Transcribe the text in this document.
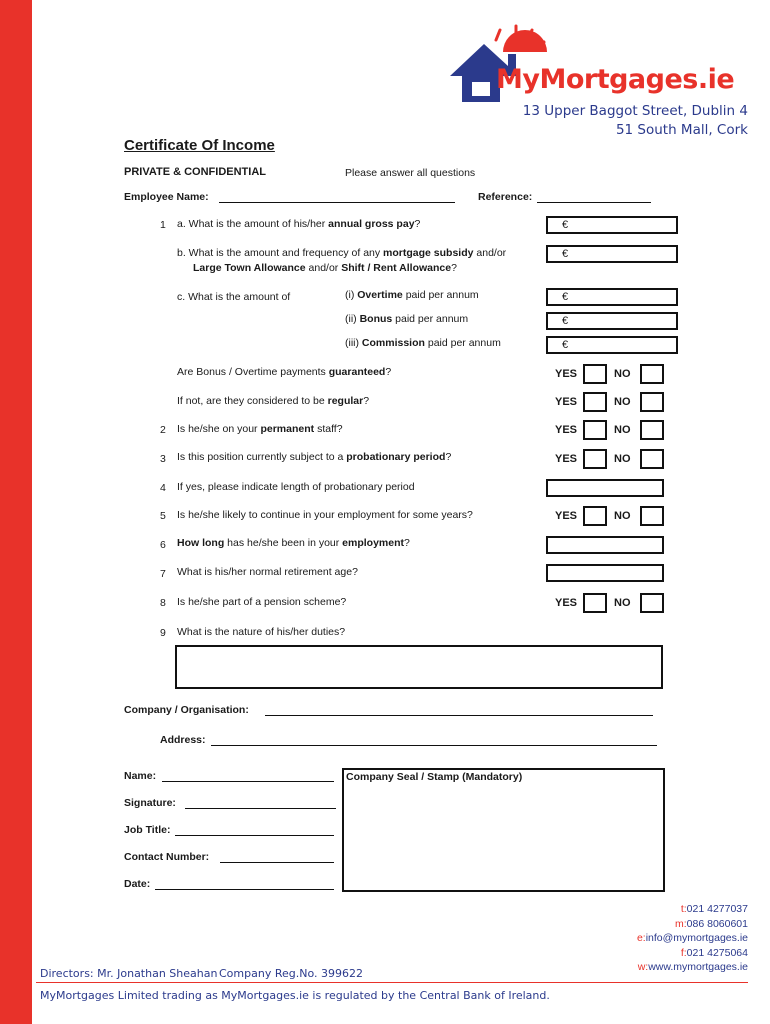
MyMortgages.ie
13 Upper Baggot Street, Dublin 4
51 South Mall, Cork
Certificate Of Income
PRIVATE & CONFIDENTIAL	Please answer all questions
Employee Name:	Reference:
1 a. What is the amount of his/her annual gross pay?	€
b. What is the amount and frequency of any mortgage subsidy and/or
Large Town Allowance and/or Shift / Rent Allowance?
€
c. What is the amount of	(i) Overtime paid per annum	€
(ii) Bonus paid per annum	€
(iii) Commission paid per annum	€
Are Bonus / Overtime payments guaranteed?	YES	NO
If not, are they considered to be regular?	YES	NO
2 Is he/she on your permanent staff?	YES	NO
3 Is this position currently subject to a probationary period?	YES	NO
4 If yes, please indicate length of probationary period
5 Is he/she likely to continue in your employment for some years?	YES	NO
6 How long has he/she been in your employment?
7 What is his/her normal retirement age?
8 Is he/she part of a pension scheme?	YES	NO
9 What is the nature of his/her duties?
Company / Organisation:
Address:
Name:
Signature:
Job Title:
Contact Number:
Date:
Company Seal / Stamp (Mandatory)
t:021 4277037
m:086 8060601
e:info@mymortgages.ie
f:021 4275064
w:www.mymortgages.ie
Directors: Mr. Jonathan Sheahan Company Reg.No. 399622
MyMortgages Limited trading as MyMortgages.ie is regulated by the Central Bank of Ireland.
